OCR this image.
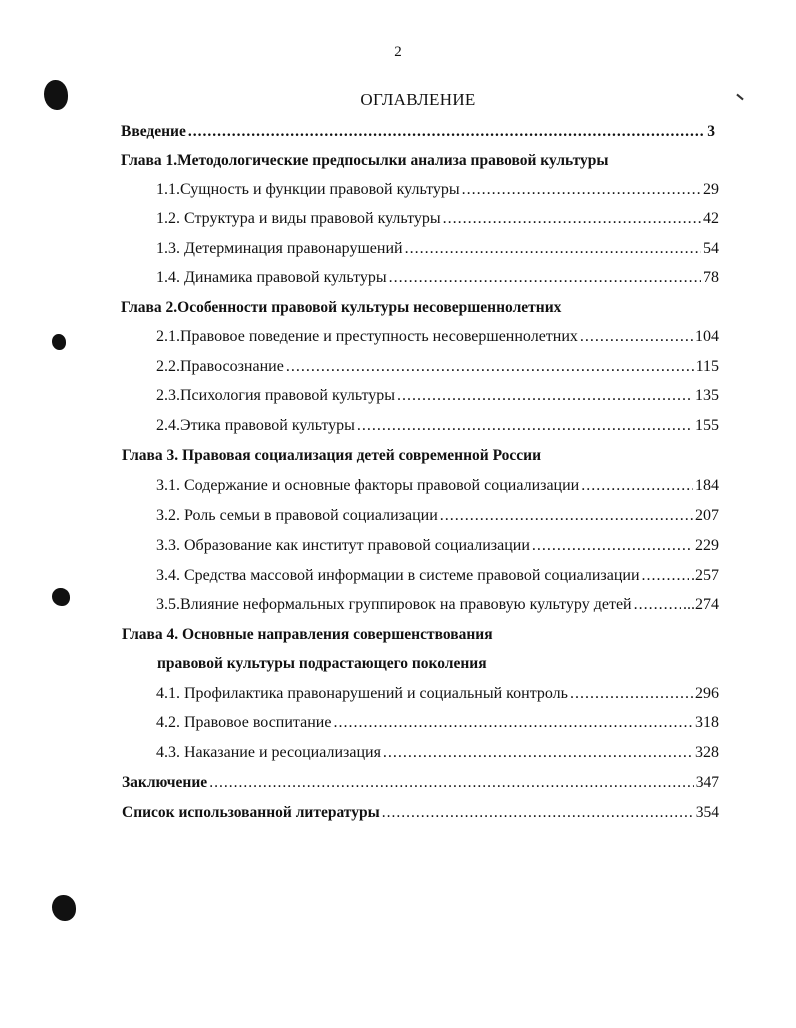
2
ОГЛАВЛЕНИЕ
Введение .....	3
Глава 1.Методологические предпосылки анализа правовой культуры
1.1.Сущность и функции правовой культуры .....	29
1.2. Структура и виды правовой культуры .....	42
1.3. Детерминация правонарушений .....	54
1.4. Динамика правовой культуры .....	78
Глава 2.Особенности правовой культуры несовершеннолетних
2.1.Правовое поведение и преступность несовершеннолетних .....	104
2.2.Правосознание .....	115
2.3.Психология правовой культуры .....	135
2.4.Этика правовой культуры .....	155
Глава 3. Правовая социализация детей современной России
3.1. Содержание и основные факторы правовой социализации .....	184
3.2. Роль семьи в правовой социализации .....	207
3.3. Образование как институт правовой социализации .....	229
3.4. Средства массовой информации в системе правовой социализации .....	.257
3.5.Влияние неформальных группировок на правовую культуру детей .....	...274
Глава 4. Основные направления совершенствования
правовой культуры подрастающего поколения
4.1. Профилактика правонарушений и социальный контроль .....	296
4.2. Правовое воспитание .....	318
4.3. Наказание и ресоциализация .....	328
Заключение .....	347
Список использованной литературы .....	354
